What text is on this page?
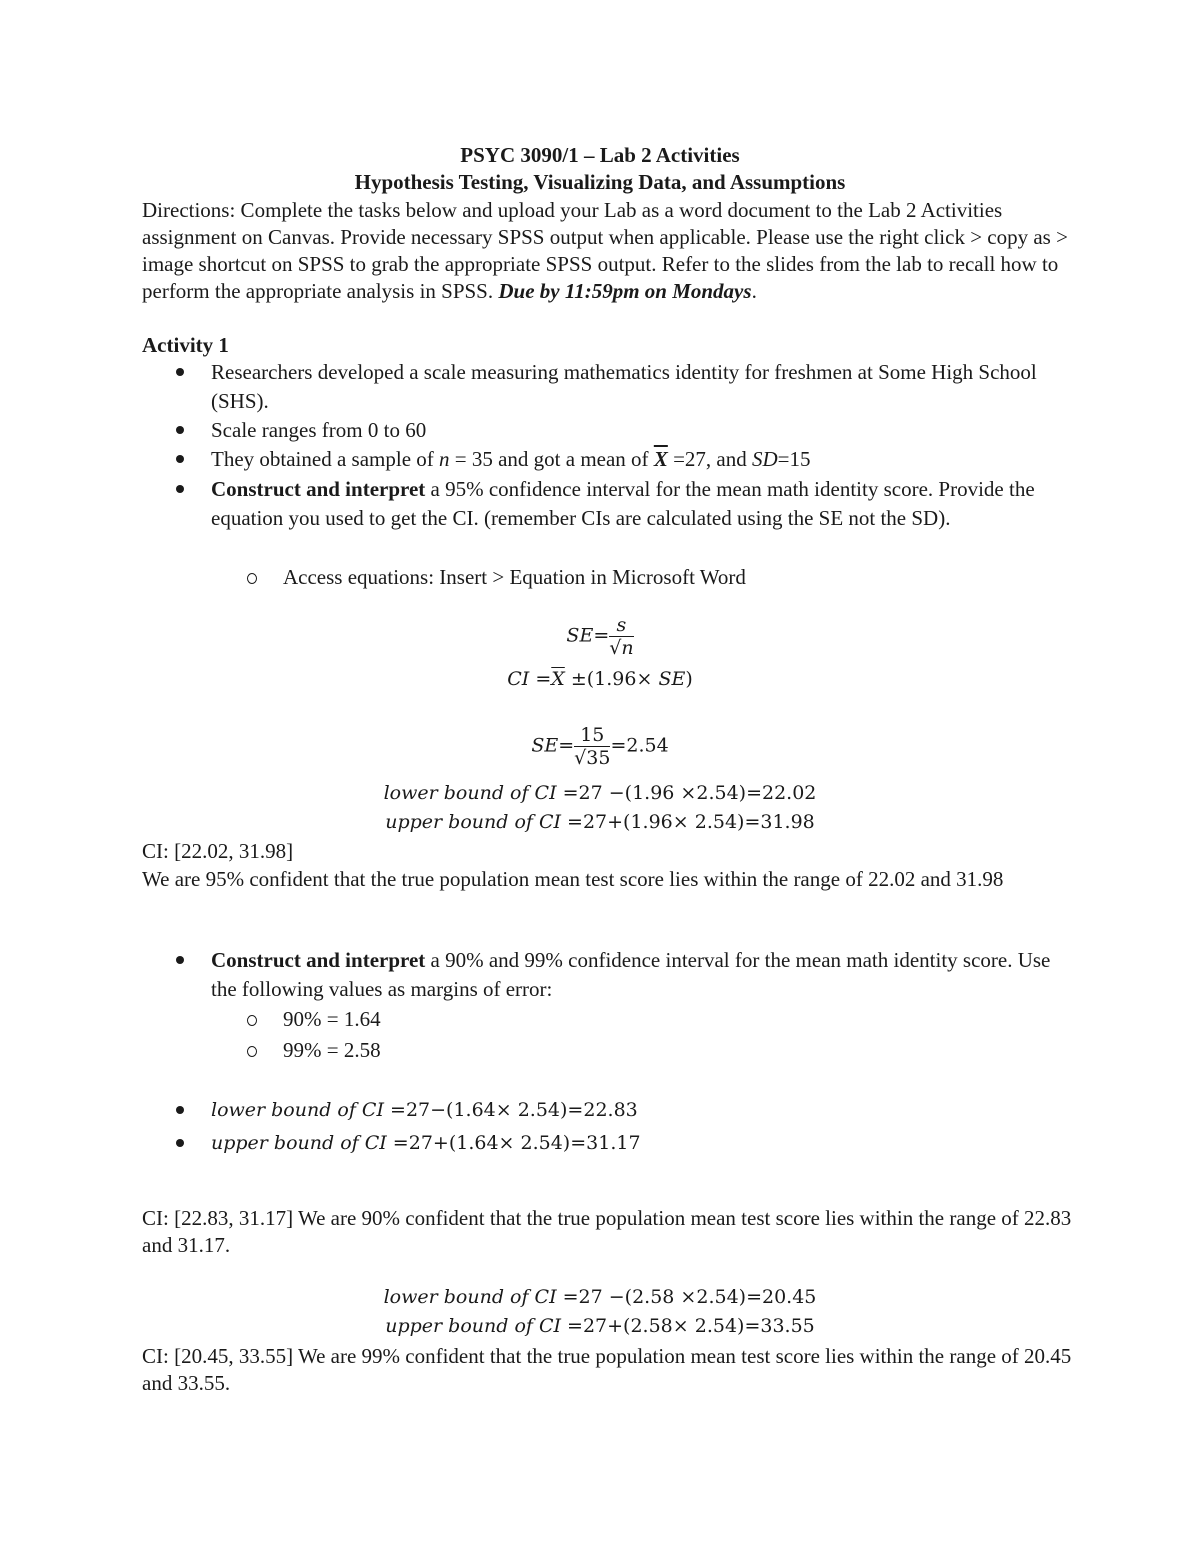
PSYC 3090/1 – Lab 2 Activities
Hypothesis Testing, Visualizing Data, and Assumptions
Directions: Complete the tasks below and upload your Lab as a word document to the Lab 2 Activities assignment on Canvas. Provide necessary SPSS output when applicable. Please use the right click > copy as > image shortcut on SPSS to grab the appropriate SPSS output. Refer to the slides from the lab to recall how to perform the appropriate analysis in SPSS. Due by 11:59pm on Mondays.
Activity 1
Researchers developed a scale measuring mathematics identity for freshmen at Some High School (SHS).
Scale ranges from 0 to 60
They obtained a sample of n = 35 and got a mean of $\overline{X} =27$, and SD=15
Construct and interpret a 95% confidence interval for the mean math identity score. Provide the equation you used to get the CI. (remember CIs are calculated using the SE not the SD).
Access equations: Insert > Equation in Microsoft Word
$SE= \frac{s}{√n}$
CI $=\overline{X} \pm(1.96\times SE)$
$SE= \frac{15}{√35} =2.54$
lower bound of CI =27 −(1.96 ×2.54)=22.02
upper bound of CI =27+(1.96× 2.54)=31.98
CI: [22.02, 31.98]
We are 95% confident that the true population mean test score lies within the range of 22.02 and 31.98
Construct and interpret a 90% and 99% confidence interval for the mean math identity score. Use the following values as margins of error:
90% = 1.64
99% = 2.58
lower bound of CI =27−(1.64× 2.54)=22.83
upper bound of CI =27+(1.64× 2.54)=31.17
CI: [22.83, 31.17] We are 90% confident that the true population mean test score lies within the range of 22.83 and 31.17.
lower bound of CI =27 −(2.58 ×2.54)=20.45
upper bound of CI =27+(2.58× 2.54)=33.55
CI: [20.45, 33.55] We are 99% confident that the true population mean test score lies within the range of 20.45 and 33.55.
